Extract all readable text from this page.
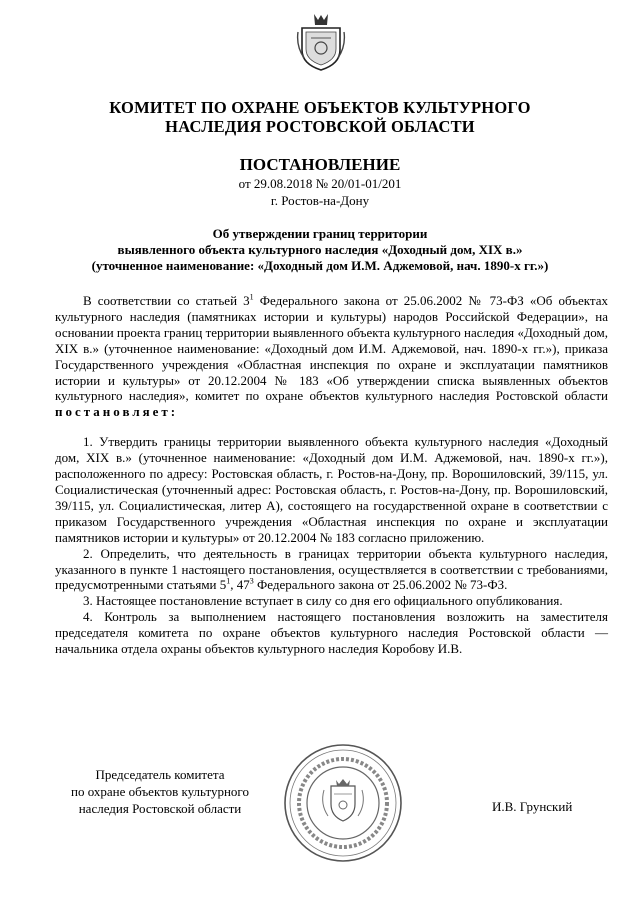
КОМИТЕТ ПО ОХРАНЕ ОБЪЕКТОВ КУЛЬТУРНОГО
НАСЛЕДИЯ РОСТОВСКОЙ ОБЛАСТИ
ПОСТАНОВЛЕНИЕ
от 29.08.2018 № 20/01-01/201
г. Ростов-на-Дону
Об утверждении границ территории
выявленного объекта культурного наследия «Доходный дом, XIX в.»
(уточненное наименование: «Доходный дом И.М. Аджемовой, нач. 1890-х гг.»)

В соответствии со статьей $3^1$ Федерального закона от 25.06.2002 № 73-ФЗ «Об объектах культурного наследия (памятниках истории и культуры) народов Российской Федерации», на основании проекта границ территории выявленного объекта культурного наследия «Доходный дом, XIX в.» (уточненное наименование: «Доходный дом И.М. Аджемовой, нач. 1890-х гг.»), приказа Государственного учреждения «Областная инспекция по охране и эксплуатации памятников истории и культуры» от 20.12.2004 № 183 «Об утверждении списка выявленных объектов культурного наследия», комитет по охране объектов культурного наследия Ростовской области постановляет:

1. Утвердить границы территории выявленного объекта культурного наследия «Доходный дом, XIX в.» (уточненное наименование: «Доходный дом И.М. Аджемовой, нач. 1890-х гг.»), расположенного по адресу: Ростовская область, г. Ростов-на-Дону, пр. Ворошиловский, 39/115, ул. Социалистическая (уточненный адрес: Ростовская область, г. Ростов-на-Дону, пр. Ворошиловский, 39/115, ул. Социалистическая, литер А), состоящего на государственной охране в соответствии с приказом Государственного учреждения «Областная инспекция по охране и эксплуатации памятников истории и культуры» от 20.12.2004 № 183 согласно приложению.

2. Определить, что деятельность в границах территории объекта культурного наследия, указанного в пункте 1 настоящего постановления, осуществляется в соответствии с требованиями, предусмотренными статьями $5^1$, $47^3$ Федерального закона от 25.06.2002 № 73-ФЗ.

3. Настоящее постановление вступает в силу со дня его официального опубликования.

4. Контроль за выполнением настоящего постановления возложить на заместителя председателя комитета по охране объектов культурного наследия Ростовской области — начальника отдела охраны объектов культурного наследия Коробову И.В.

Председатель комитета
по охране объектов культурного
наследия Ростовской области	И.В. Грунский
